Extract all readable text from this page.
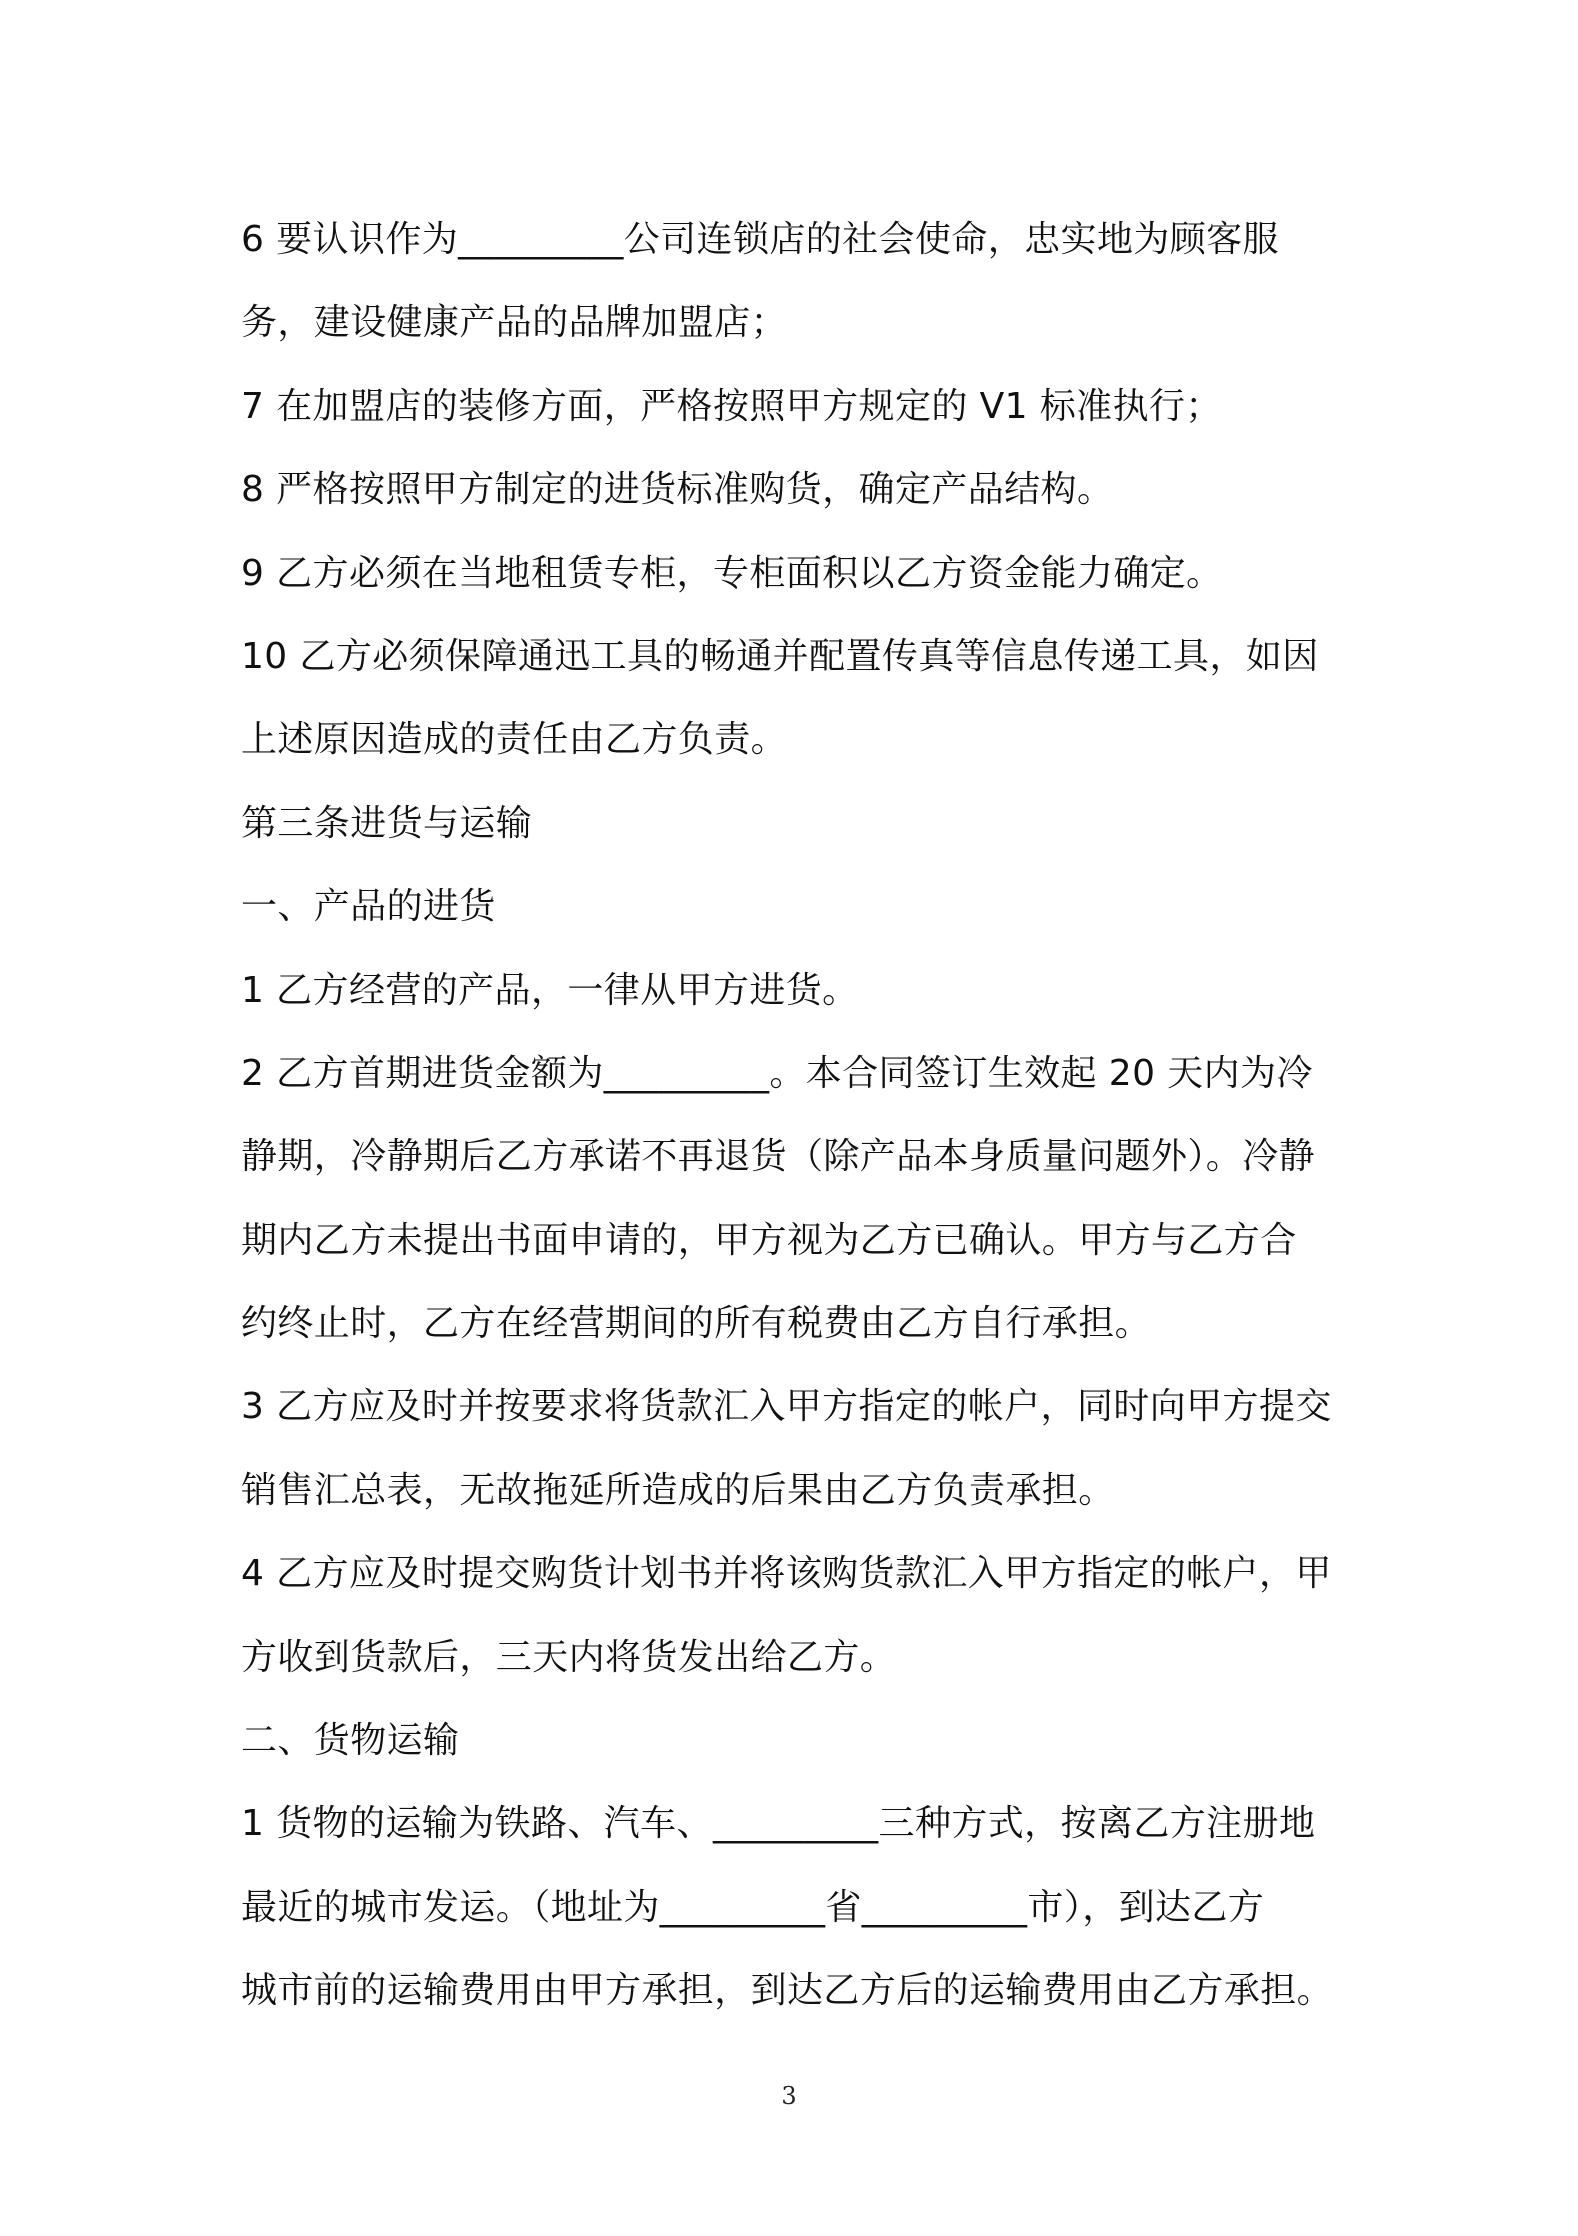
6 要认识作为_________公司连锁店的社会使命，忠实地为顾客服
务，建设健康产品的品牌加盟店；
7 在加盟店的装修方面，严格按照甲方规定的 V1 标准执行；
8 严格按照甲方制定的进货标准购货，确定产品结构。
9 乙方必须在当地租赁专柜，专柜面积以乙方资金能力确定。
10 乙方必须保障通迅工具的畅通并配置传真等信息传递工具，如因
上述原因造成的责任由乙方负责。
第三条进货与运输
一、产品的进货
1 乙方经营的产品，一律从甲方进货。
2 乙方首期进货金额为_________。本合同签订生效起 20 天内为冷
静期，冷静期后乙方承诺不再退货（除产品本身质量问题外）。冷静
期内乙方未提出书面申请的，甲方视为乙方已确认。甲方与乙方合
约终止时，乙方在经营期间的所有税费由乙方自行承担。
3 乙方应及时并按要求将货款汇入甲方指定的帐户，同时向甲方提交
销售汇总表，无故拖延所造成的后果由乙方负责承担。
4 乙方应及时提交购货计划书并将该购货款汇入甲方指定的帐户，甲
方收到货款后，三天内将货发出给乙方。
二、货物运输
1 货物的运输为铁路、汽车、_________三种方式，按离乙方注册地
最近的城市发运。（地址为_________省_________市），到达乙方
城市前的运输费用由甲方承担，到达乙方后的运输费用由乙方承担。
3
